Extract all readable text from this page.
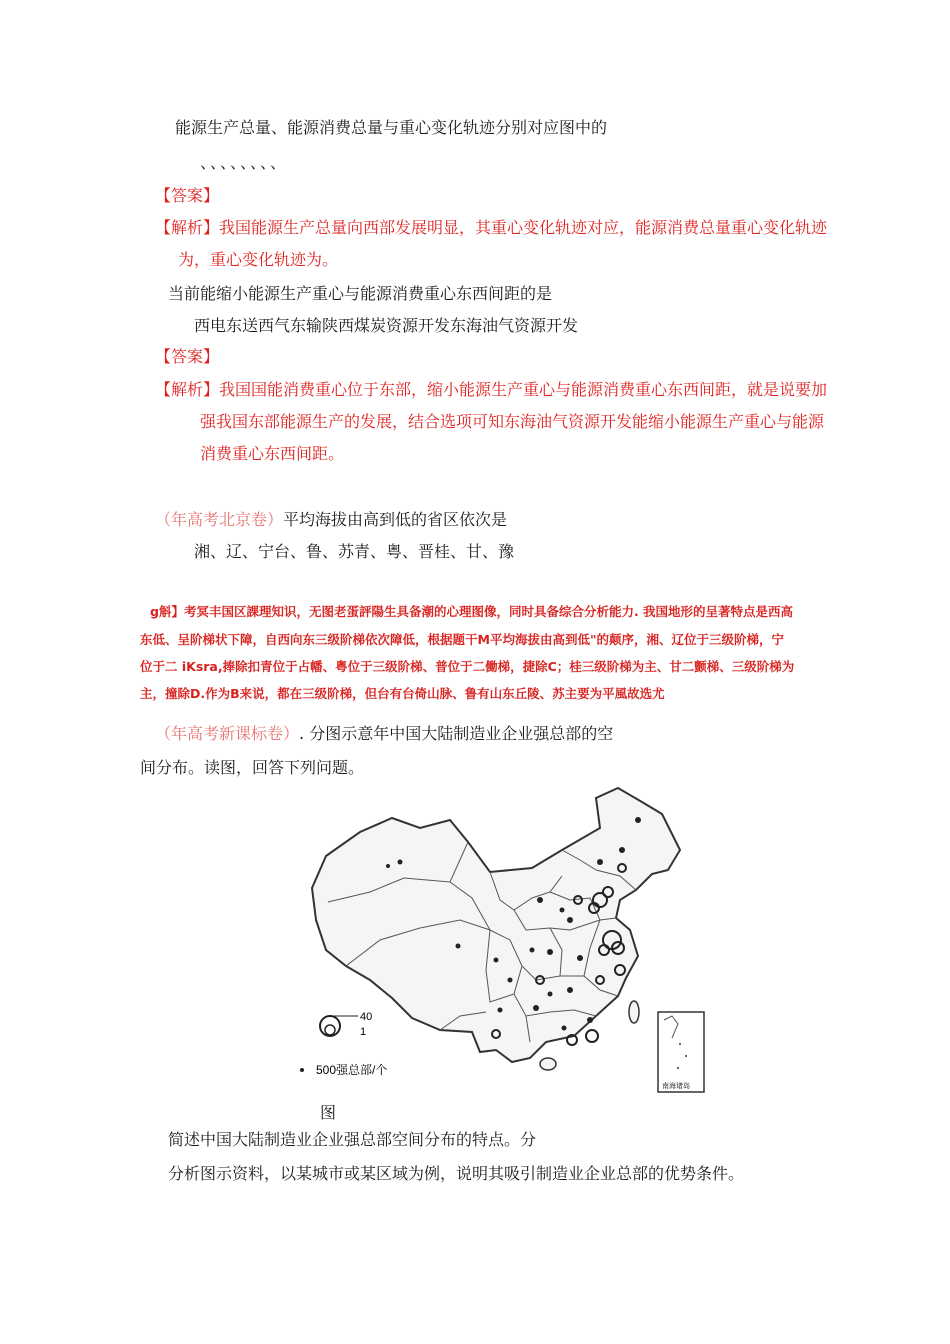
能源生产总量、能源消费总量与重心变化轨迹分别对应图中的
、、、、、、、、
【答案】
【解析】我国能源生产总量向西部发展明显，其重心变化轨迹对应，能源消费总量重心变化轨迹
为，重心变化轨迹为。
当前能缩小能源生产重心与能源消费重心东西间距的是
西电东送西气东输陕西煤炭资源开发东海油气资源开发
【答案】
【解析】我国国能消费重心位于东部，缩小能源生产重心与能源消费重心东西间距，就是说要加
强我国东部能源生产的发展，结合选项可知东海油气资源开发能缩小能源生产重心与能源
消费重心东西间距。
（年高考北京卷）平均海拔由高到低的省区依次是
湘、辽、宁台、鲁、苏青、粤、晋桂、甘、豫
g斛】考冥丰国区課理知识，无图老蛋評陽生具备潮的心理图像，同时具备综合分析能力. 我国地形的呈著特点是西高
东低、呈阶梯状下障，自西向东三级阶梯依次障低，根据题干M平均海拔由高到低"的颠序，湘、辽位于三级阶梯，宁
位于二 iKsra,捧除扣青位于占幡、粤位于三级阶梯、普位于二働梯，捷除C；桂三级阶梯为主、甘二颤梯、三级阶梯为
主，撞除D.作为B来说，都在三级阶梯，但台有台倚山脉、鲁有山东丘陵、苏主要为平風故选尤
（年高考新课标卷）. 分图示意年中国大陆制造业企业强总部的空
间分布。读图，回答下列问题。
40
1
500强总部/个
南海诸岛
图
简述中国大陆制造业企业强总部空间分布的特点。分
分析图示资料，以某城市或某区域为例，说明其吸引制造业企业总部的优势条件。
